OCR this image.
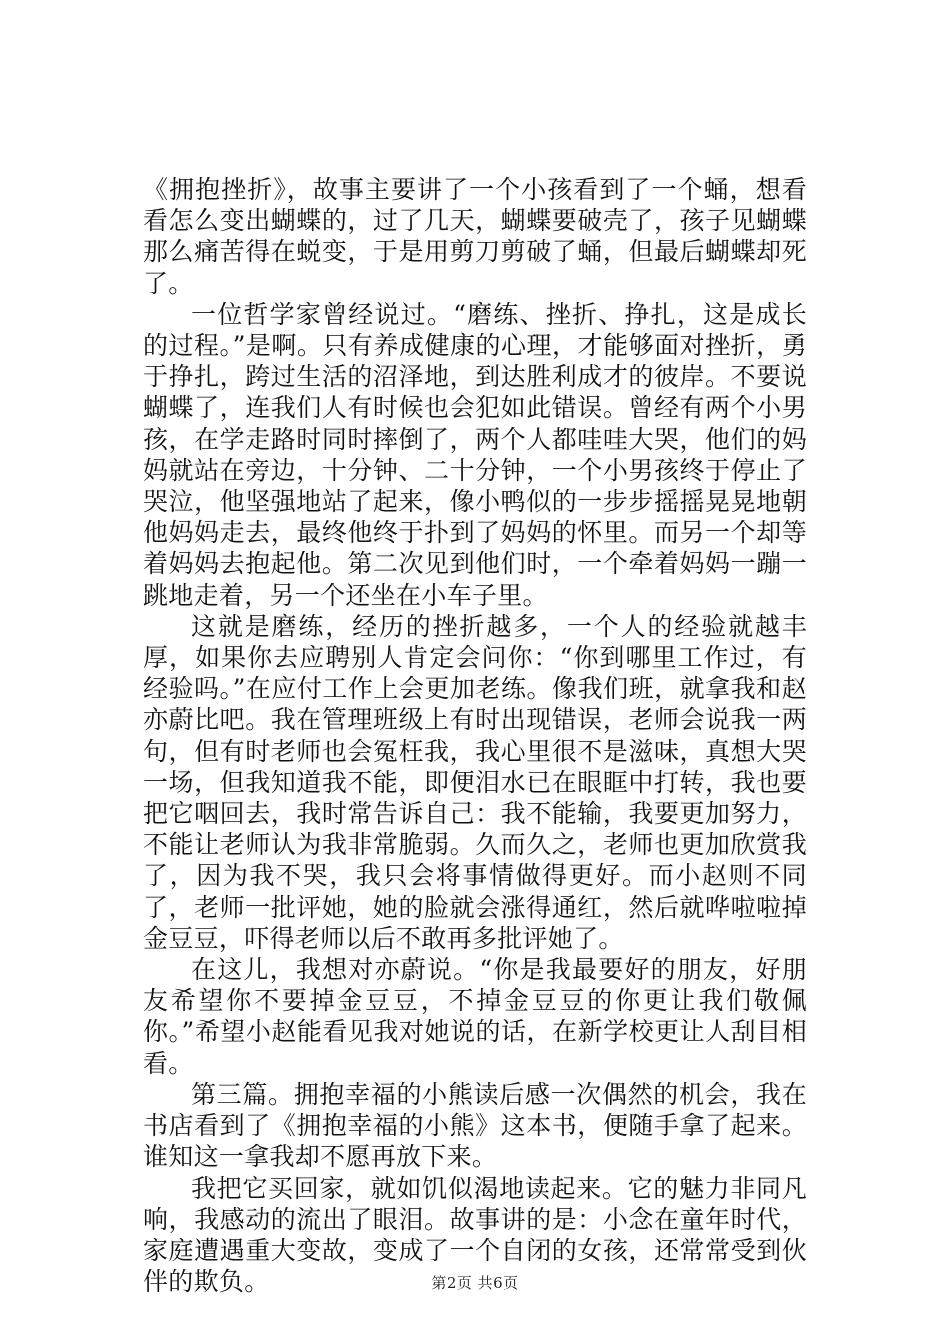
《拥抱挫折》，故事主要讲了一个小孩看到了一个蛹，想看看怎么变出蝴蝶的，过了几天，蝴蝶要破壳了，孩子见蝴蝶那么痛苦得在蜕变，于是用剪刀剪破了蛹，但最后蝴蝶却死了。

一位哲学家曾经说过。“磨练、挫折、挣扎，这是成长的过程。”是啊。只有养成健康的心理，才能够面对挫折，勇于挣扎，跨过生活的沼泽地，到达胜利成才的彼岸。不要说蝴蝶了，连我们人有时候也会犯如此错误。曾经有两个小男孩，在学走路时同时摔倒了，两个人都哇哇大哭，他们的妈妈就站在旁边，十分钟、二十分钟，一个小男孩终于停止了哭泣，他坚强地站了起来，像小鸭似的一步步摇摇晃晃地朝他妈妈走去，最终他终于扑到了妈妈的怀里。而另一个却等着妈妈去抱起他。第二次见到他们时，一个牵着妈妈一蹦一跳地走着，另一个还坐在小车子里。

这就是磨练，经历的挫折越多，一个人的经验就越丰厚，如果你去应聘别人肯定会问你：“你到哪里工作过，有经验吗。”在应付工作上会更加老练。像我们班，就拿我和赵亦蔚比吧。我在管理班级上有时出现错误，老师会说我一两句，但有时老师也会冤枉我，我心里很不是滋味，真想大哭一场，但我知道我不能，即便泪水已在眼眶中打转，我也要把它咽回去，我时常告诉自己：我不能输，我要更加努力，不能让老师认为我非常脆弱。久而久之，老师也更加欣赏我了，因为我不哭，我只会将事情做得更好。而小赵则不同了，老师一批评她，她的脸就会涨得通红，然后就哗啦啦掉金豆豆，吓得老师以后不敢再多批评她了。

在这儿，我想对亦蔚说。“你是我最要好的朋友，好朋友希望你不要掉金豆豆，不掉金豆豆的你更让我们敬佩你。”希望小赵能看见我对她说的话，在新学校更让人刮目相看。

第三篇。拥抱幸福的小熊读后感一次偶然的机会，我在书店看到了《拥抱幸福的小熊》这本书，便随手拿了起来。谁知这一拿我却不愿再放下来。

我把它买回家，就如饥似渴地读起来。它的魅力非同凡响，我感动的流出了眼泪。故事讲的是：小念在童年时代，家庭遭遇重大变故，变成了一个自闭的女孩，还常常受到伙伴的欺负。	第2页 共6页
